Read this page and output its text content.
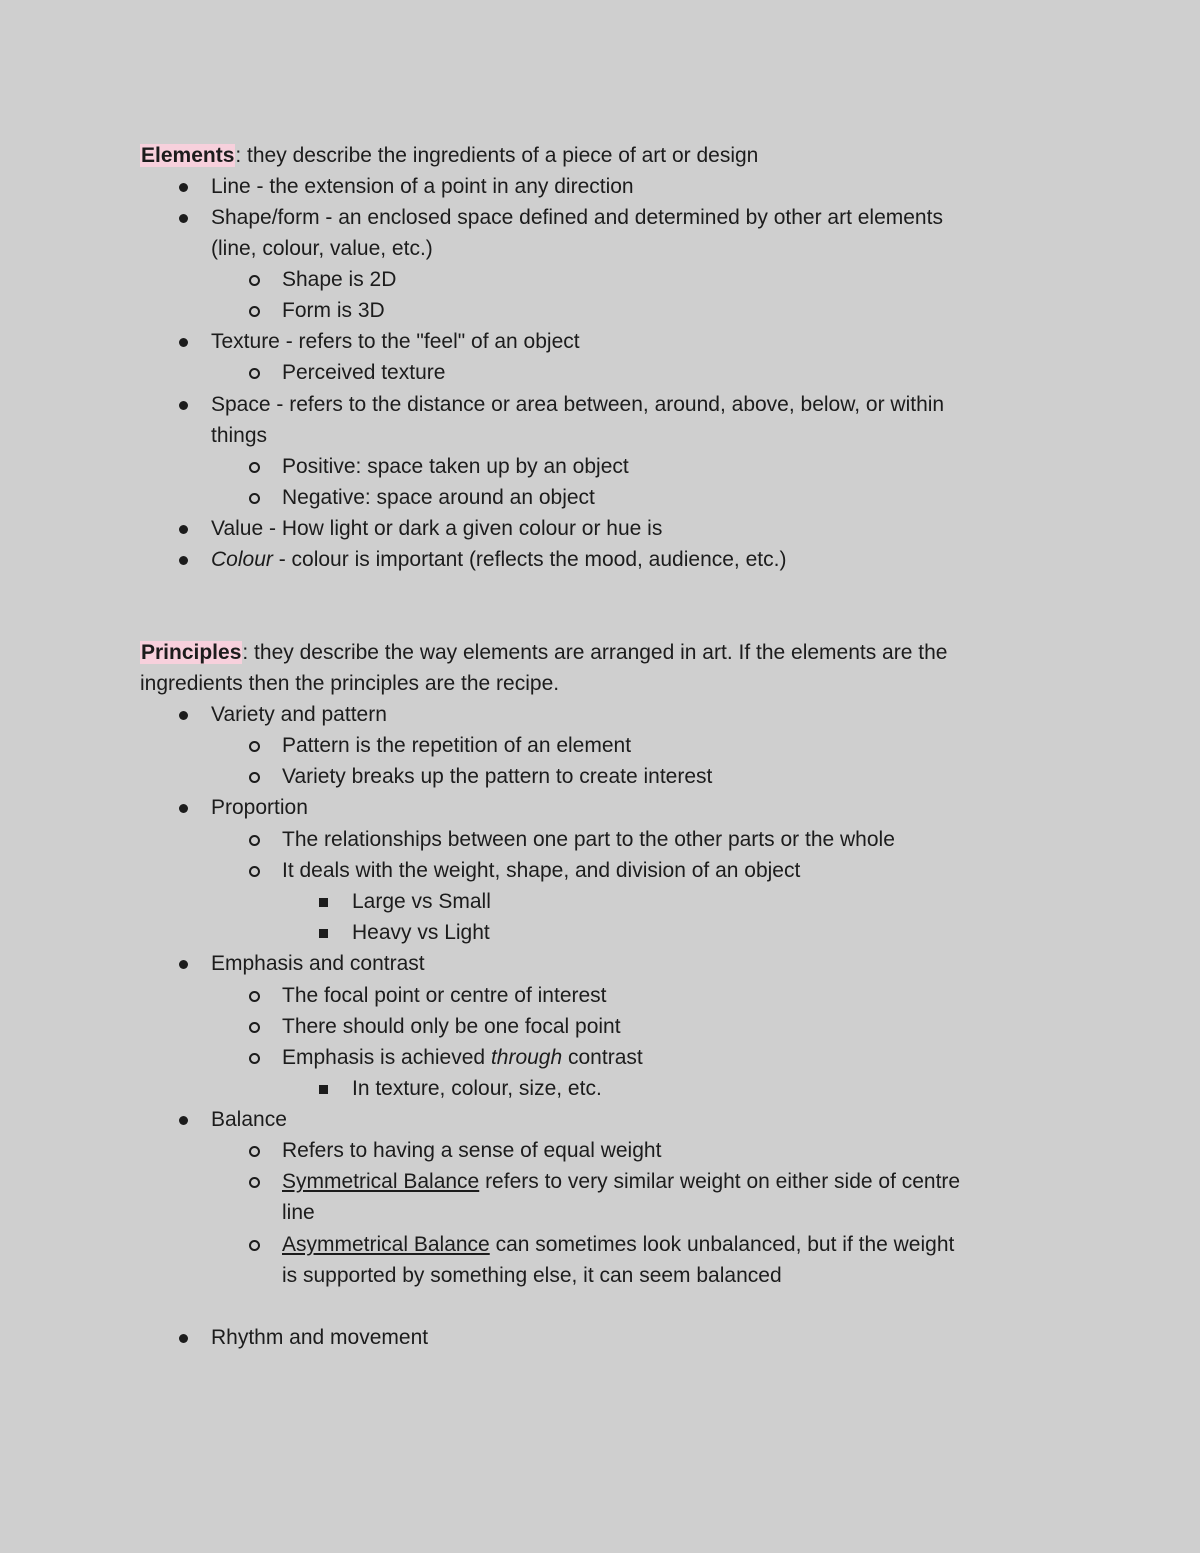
Elements: they describe the ingredients of a piece of art or design
Line - the extension of a point in any direction
Shape/form - an enclosed space defined and determined by other art elements
(line, colour, value, etc.)
Shape is 2D
Form is 3D
Texture - refers to the "feel" of an object
Perceived texture
Space - refers to the distance or area between, around, above, below, or within
things
Positive: space taken up by an object
Negative: space around an object
Value - How light or dark a given colour or hue is
Colour - colour is important (reflects the mood, audience, etc.)
Principles: they describe the way elements are arranged in art. If the elements are the
ingredients then the principles are the recipe.
Variety and pattern
Pattern is the repetition of an element
Variety breaks up the pattern to create interest
Proportion
The relationships between one part to the other parts or the whole
It deals with the weight, shape, and division of an object
Large vs Small
Heavy vs Light
Emphasis and contrast
The focal point or centre of interest
There should only be one focal point
Emphasis is achieved through contrast
In texture, colour, size, etc.
Balance
Refers to having a sense of equal weight
Symmetrical Balance refers to very similar weight on either side of centre
line
Asymmetrical Balance can sometimes look unbalanced, but if the weight
is supported by something else, it can seem balanced
Rhythm and movement
